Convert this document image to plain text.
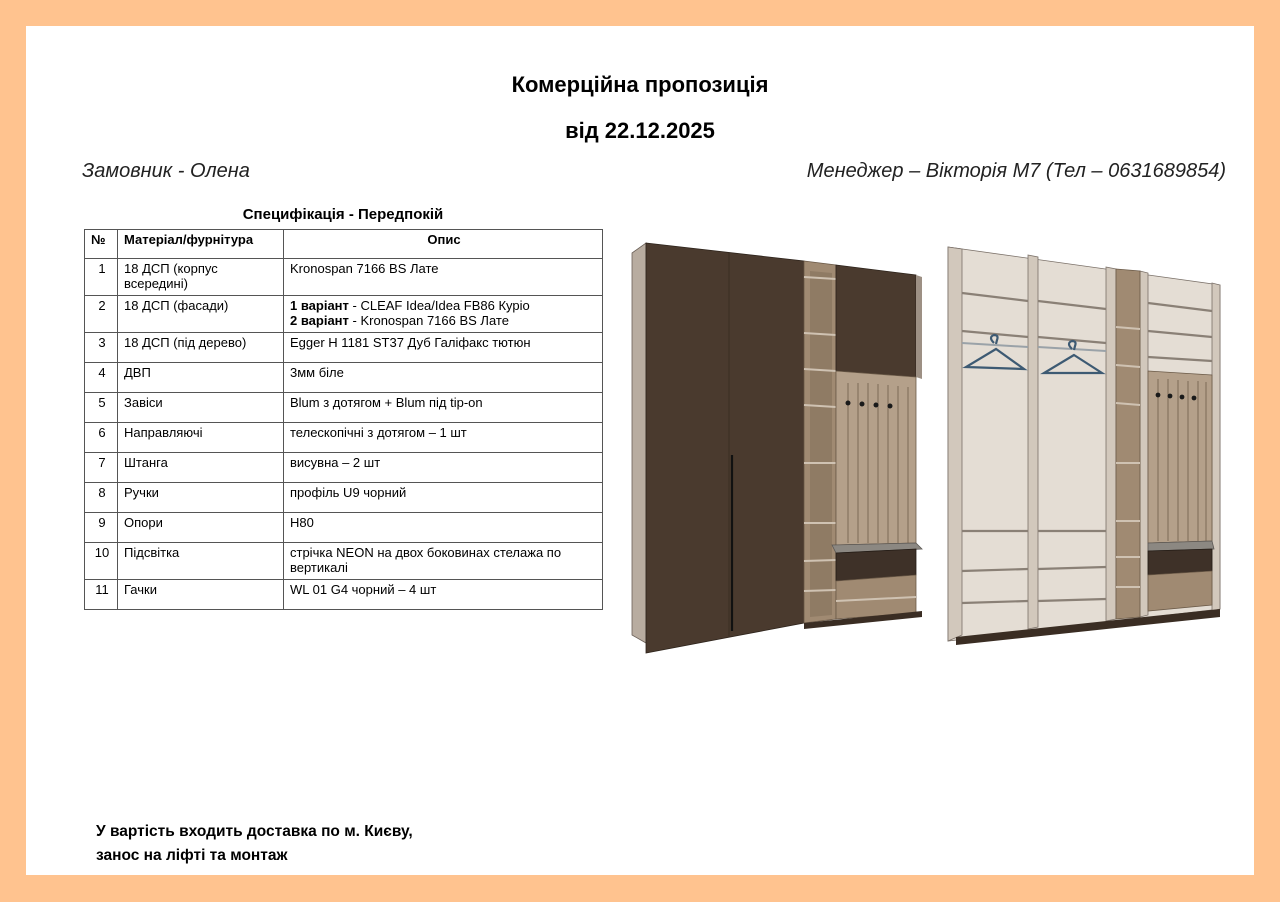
Комерційна пропозиція
від 22.12.2025
Замовник - Олена	Менеджер – Вікторія М7 (Тел – 0631689854)
Специфікація - Передпокій
№	Матеріал/фурнітура	Опис
1	18 ДСП (корпус всередині)	Kronospan 7166 BS Лате
2	18 ДСП (фасади)	1 варіант - CLEAF Idea/Idea FB86 Куріо
2 варіант - Kronospan 7166 BS Лате
3	18 ДСП (під дерево)	Egger H 1181 ST37 Дуб Галіфакс тютюн
4	ДВП	3мм біле
5	Завіси	Blum з дотягом + Blum під tip-on
6	Направляючі	телескопічні з дотягом – 1 шт
7	Штанга	висувна – 2 шт
8	Ручки	профіль U9 чорний
9	Опори	Н80
10	Підсвітка	стрічка NEON на двох боковинах стелажа по вертикалі
11	Гачки	WL 01 G4 чорний – 4 шт
У вартість входить доставка по м. Києву,
занос на ліфті та монтаж
